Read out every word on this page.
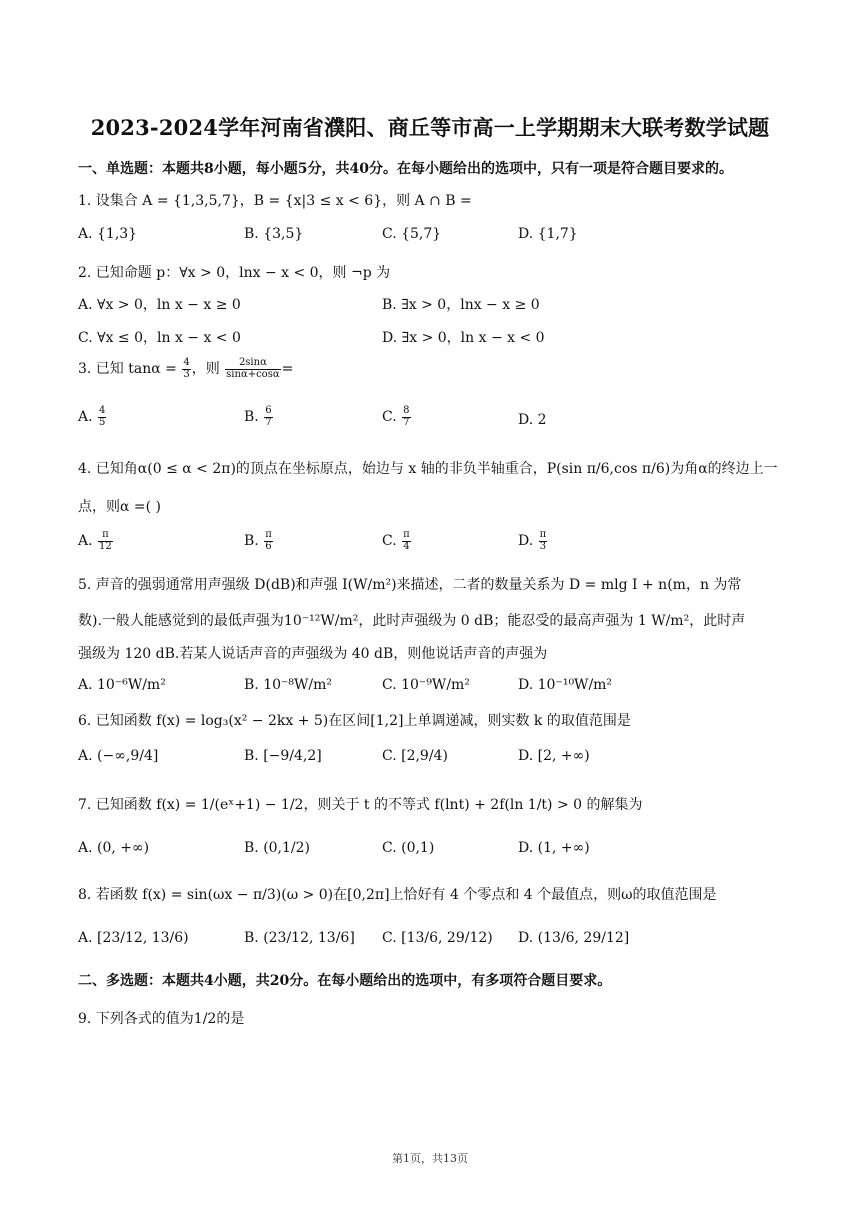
2023-2024学年河南省濮阳、商丘等市高一上学期期末大联考数学试题
一、单选题：本题共8小题，每小题5分，共40分。在每小题给出的选项中，只有一项是符合题目要求的。
1. 设集合 A = {1,3,5,7}，B = {x|3 ≤ x < 6}，则 A ∩ B =
A. {1,3}	B. {3,5}	C. {5,7}	D. {1,7}
2. 已知命题 p：∀x > 0，lnx − x < 0，则 ¬p 为
A. ∀x > 0，ln x − x ≥ 0	B. ∃x > 0，lnx − x ≥ 0
C. ∀x ≤ 0，ln x − x < 0	D. ∃x > 0，ln x − x < 0
3. 已知 $\tan\alpha = \frac{4}{3}$ ，则 $\frac{2\sin\alpha}{\sin\alpha+\cos\alpha}$ =
A. $\frac{4}{5}$	B. $\frac{6}{7}$	C. $\frac{8}{7}$	D. 2
4. 已知角α(0 ≤ α < 2π)的顶点在坐标原点，始边与 x 轴的非负半轴重合，P(sin π/6,cos π/6)为角α的终边上一
点，则α =( )
A. $\frac{\pi}{12}$	B. $\frac{\pi}{6}$	C. $\frac{\pi}{4}$	D. $\frac{\pi}{3}$
5. 声音的强弱通常用声强级 D(dB)和声强 I(W/m²)来描述，二者的数量关系为 D = mlg I + n(m，n 为常
数).一般人能感觉到的最低声强为10⁻¹²W/m²，此时声强级为 0 dB；能忍受的最高声强为 1 W/m²，此时声
强级为 120 dB.若某人说话声音的声强级为 40 dB，则他说话声音的声强为
A. 10⁻⁶W/m²	B. 10⁻⁸W/m²	C. 10⁻⁹W/m²	D. 10⁻¹⁰W/m²
6. 已知函数 f(x) = log₃(x² − 2kx + 5)在区间[1,2]上单调递减，则实数 k 的取值范围是
A. (−∞,9/4]	B. [−9/4,2]	C. [2,9/4)	D. [2, +∞)
7. 已知函数 f(x) = 1/(eˣ+1) − 1/2，则关于 t 的不等式 f(lnt) + 2f(ln 1/t) > 0 的解集为
A. (0, +∞)	B. (0,1/2)	C. (0,1)	D. (1, +∞)
8. 若函数 f(x) = sin(ωx − π/3)(ω > 0)在[0,2π]上恰好有 4 个零点和 4 个最值点，则ω的取值范围是
A. [23/12, 13/6)	B. (23/12, 13/6] C. [13/6, 29/12) D. (13/6, 29/12]
二、多选题：本题共4小题，共20分。在每小题给出的选项中，有多项符合题目要求。
9. 下列各式的值为1/2的是
第1页，共13页
